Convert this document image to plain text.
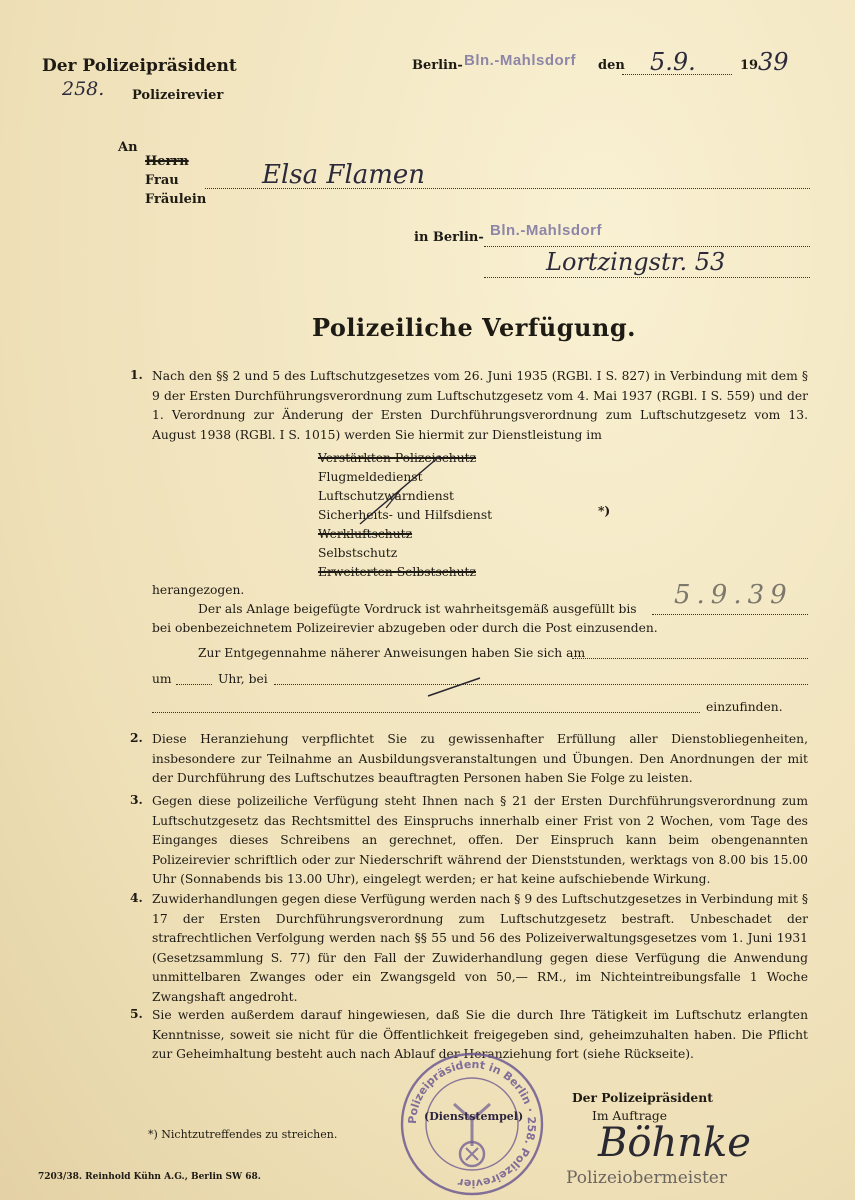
Der Polizeipräsident
258. Polizeirevier
Berlin- Bln.-Mahlsdorf den 5.9.	19 39
An
Herrn
Frau
Fräulein
Elsa Flamen
in Berlin- Bln.-Mahlsdorf
Lortzingstr. 53
Polizeiliche Verfügung.
1. Nach den §§ 2 und 5 des Luftschutzgesetzes vom 26. Juni 1935 (RGBl. I S. 827) in Verbindung mit dem § 9 der Ersten Durchführungsverordnung zum Luftschutzgesetz vom 4. Mai 1937 (RGBl. I S. 559) und der 1. Verordnung zur Änderung der Ersten Durchführungsverordnung zum Luftschutzgesetz vom 13. August 1938 (RGBl. I S. 1015) werden Sie hiermit zur Dienstleistung im
Verstärkten Polizeischutz
Flugmeldedienst
Luftschutzwarndienst
Sicherheits- und Hilfsdienst
Werkluftschutz
Selbstschutz
Erweiterten Selbstschutz
*)
herangezogen.
Der als Anlage beigefügte Vordruck ist wahrheitsgemäß ausgefüllt bis 5.9.39
bei obenbezeichnetem Polizeirevier abzugeben oder durch die Post einzusenden.
Zur Entgegennahme näherer Anweisungen haben Sie sich am
um	Uhr, bei
einzufinden.
2. Diese Heranziehung verpflichtet Sie zu gewissenhafter Erfüllung aller Dienstobliegenheiten, insbesondere zur Teilnahme an Ausbildungsveranstaltungen und Übungen. Den Anordnungen der mit der Durchführung des Luftschutzes beauftragten Personen haben Sie Folge zu leisten.
3. Gegen diese polizeiliche Verfügung steht Ihnen nach § 21 der Ersten Durchführungsverordnung zum Luftschutzgesetz das Rechtsmittel des Einspruchs innerhalb einer Frist von 2 Wochen, vom Tage des Einganges dieses Schreibens an gerechnet, offen. Der Einspruch kann beim obengenannten Polizeirevier schriftlich oder zur Niederschrift während der Dienststunden, werktags von 8.00 bis 15.00 Uhr (Sonnabends bis 13.00 Uhr), eingelegt werden; er hat keine aufschiebende Wirkung.
4. Zuwiderhandlungen gegen diese Verfügung werden nach § 9 des Luftschutzgesetzes in Verbindung mit § 17 der Ersten Durchführungsverordnung zum Luftschutzgesetz bestraft. Unbeschadet der strafrechtlichen Verfolgung werden nach §§ 55 und 56 des Polizeiverwaltungsgesetzes vom 1. Juni 1931 (Gesetzsammlung S. 77) für den Fall der Zuwiderhandlung gegen diese Verfügung die Anwendung unmittelbaren Zwanges oder ein Zwangsgeld von 50,— RM., im Nichteintreibungsfalle 1 Woche Zwangshaft angedroht.
5. Sie werden außerdem darauf hingewiesen, daß Sie die durch Ihre Tätigkeit im Luftschutz erlangten Kenntnisse, soweit sie nicht für die Öffentlichkeit freigegeben sind, geheimzuhalten haben. Die Pflicht zur Geheimhaltung besteht auch nach Ablauf der Heranziehung fort (siehe Rückseite).
*) Nichtzutreffendes zu streichen.
Polizeipräsident in Berlin · 258. Polizeirevier
(Dienststempel)
Der Polizeipräsident
Im Auftrage
Böhnke
Polizeiobermeister
7203/38. Reinhold Kühn A.G., Berlin SW 68.
